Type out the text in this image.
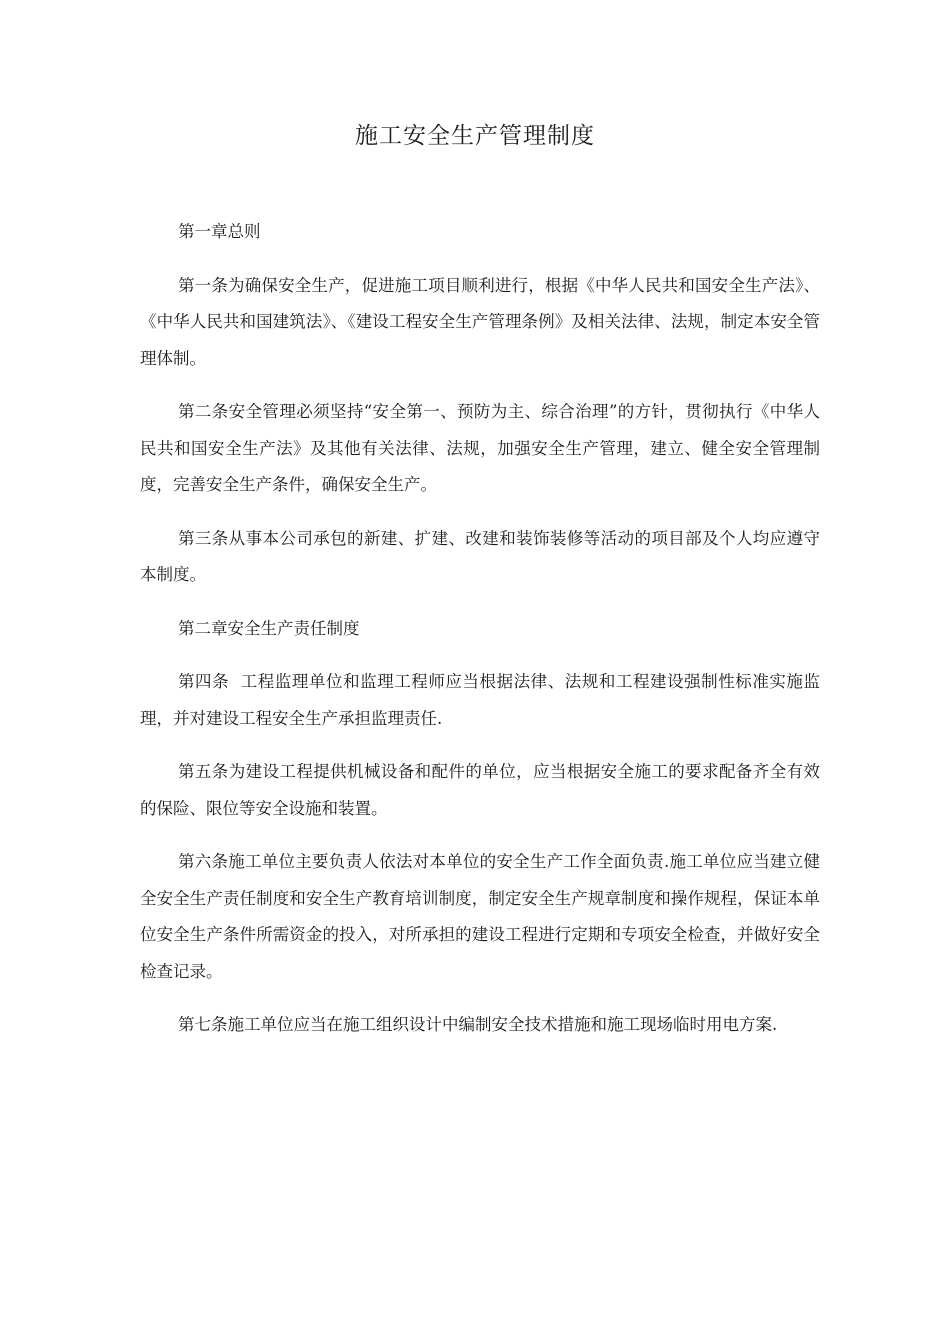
施工安全生产管理制度

第一章总则

第一条为确保安全生产，促进施工项目顺利进行，根据《中华人民共和国安全生产法》、《中华人民共和国建筑法》、《建设工程安全生产管理条例》及相关法律、法规，制定本安全管理体制。

第二条安全管理必须坚持“安全第一、预防为主、综合治理”的方针，贯彻执行《中华人民共和国安全生产法》及其他有关法律、法规，加强安全生产管理，建立、健全安全管理制度，完善安全生产条件，确保安全生产。

第三条从事本公司承包的新建、扩建、改建和装饰装修等活动的项目部及个人均应遵守本制度。

第二章安全生产责任制度

第四条  工程监理单位和监理工程师应当根据法律、法规和工程建设强制性标准实施监理，并对建设工程安全生产承担监理责任.

第五条为建设工程提供机械设备和配件的单位，应当根据安全施工的要求配备齐全有效的保险、限位等安全设施和装置。

第六条施工单位主要负责人依法对本单位的安全生产工作全面负责.施工单位应当建立健全安全生产责任制度和安全生产教育培训制度，制定安全生产规章制度和操作规程，保证本单位安全生产条件所需资金的投入，对所承担的建设工程进行定期和专项安全检查，并做好安全检查记录。

第七条施工单位应当在施工组织设计中编制安全技术措施和施工现场临时用电方案.
